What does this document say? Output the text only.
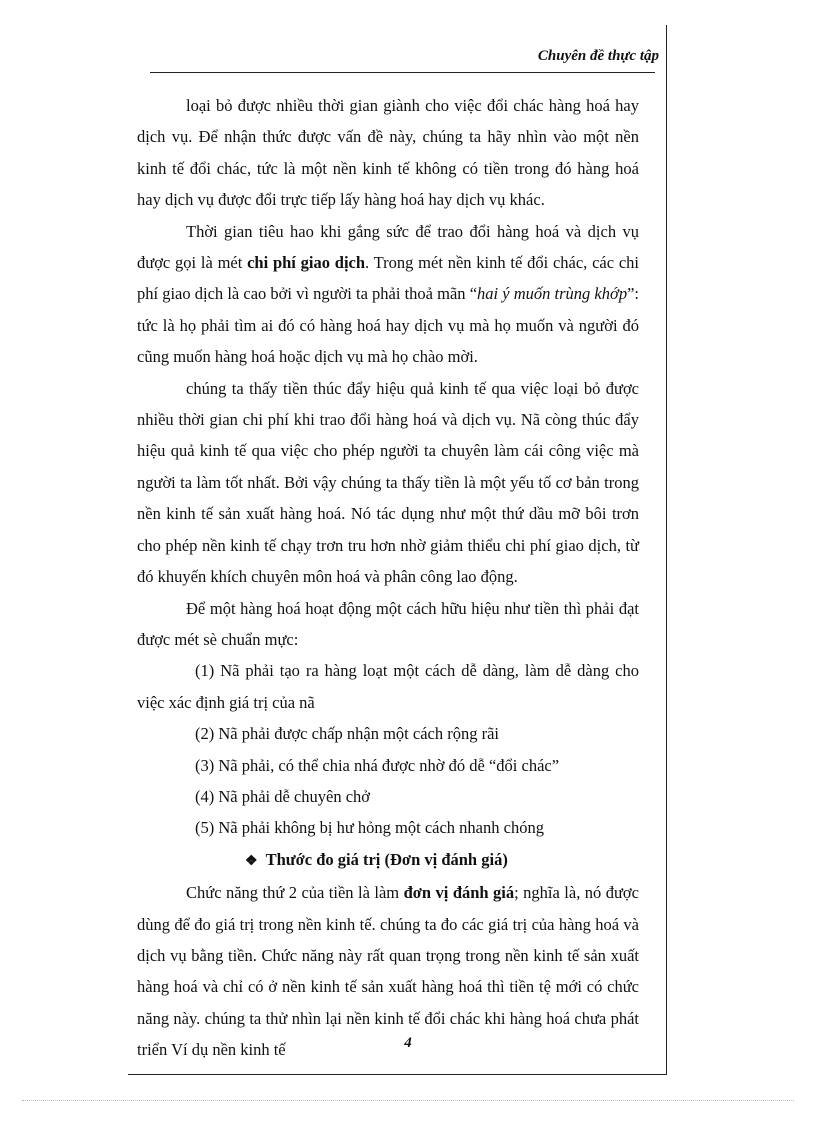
Chuyên đề thực tập

loại bỏ được nhiều thời gian giành cho việc đổi chác hàng hoá hay dịch vụ. Để nhận thức được vấn đề này, chúng ta hãy nhìn vào một nền kinh tế đổi chác, tức là một nền kinh tế không có tiền trong đó hàng hoá hay dịch vụ được đổi trực tiếp lấy hàng hoá hay dịch vụ khác.

Thời gian tiêu hao khi gắng sức để trao đổi hàng hoá và dịch vụ được gọi là mét chi phí giao dịch. Trong mét nền kinh tế đổi chác, các chi phí giao dịch là cao bởi vì người ta phải thoả mãn “hai ý muốn trùng khớp”: tức là họ phải tìm ai đó có hàng hoá hay dịch vụ mà họ muốn và người đó cũng muốn hàng hoá hoặc dịch vụ mà họ chào mời.

chúng ta thấy tiền thúc đẩy hiệu quả kinh tế qua việc loại bỏ được nhiều thời gian chi phí khi trao đổi hàng hoá và dịch vụ. Nã còng thúc đẩy hiệu quả kinh tế qua việc cho phép người ta chuyên làm cái công việc mà người ta làm tốt nhất. Bởi vậy chúng ta thấy tiền là một yếu tố cơ bản trong nền kinh tế sản xuất hàng hoá. Nó tác dụng như một thứ dầu mỡ bôi trơn cho phép nền kinh tế chạy trơn tru hơn nhờ giảm thiểu chi phí giao dịch, từ đó khuyến khích chuyên môn hoá và phân công lao động.

Để một hàng hoá hoạt động một cách hữu hiệu như tiền thì phải đạt được mét sè chuẩn mực:

(1) Nã phải tạo ra hàng loạt một cách dễ dàng, làm dễ dàng cho việc xác định giá trị của nã

(2) Nã phải được chấp nhận một cách rộng rãi

(3) Nã phải, có thể chia nhá được nhờ đó dễ “đổi chác”

(4) Nã phải dễ chuyên chở

(5) Nã phải không bị hư hỏng một cách nhanh chóng

❖ Thước đo giá trị (Đơn vị đánh giá)

Chức năng thứ 2 của tiền là làm đơn vị đánh giá; nghĩa là, nó được dùng để đo giá trị trong nền kinh tế. chúng ta đo các giá trị của hàng hoá và dịch vụ bằng tiền. Chức năng này rất quan trọng trong nền kinh tế sản xuất hàng hoá và chỉ có ở nền kinh tế sản xuất hàng hoá thì tiền tệ mới có chức năng này. chúng ta thử nhìn lại nền kinh tế đổi chác khi hàng hoá chưa phát triển Ví dụ nền kinh tế	4
